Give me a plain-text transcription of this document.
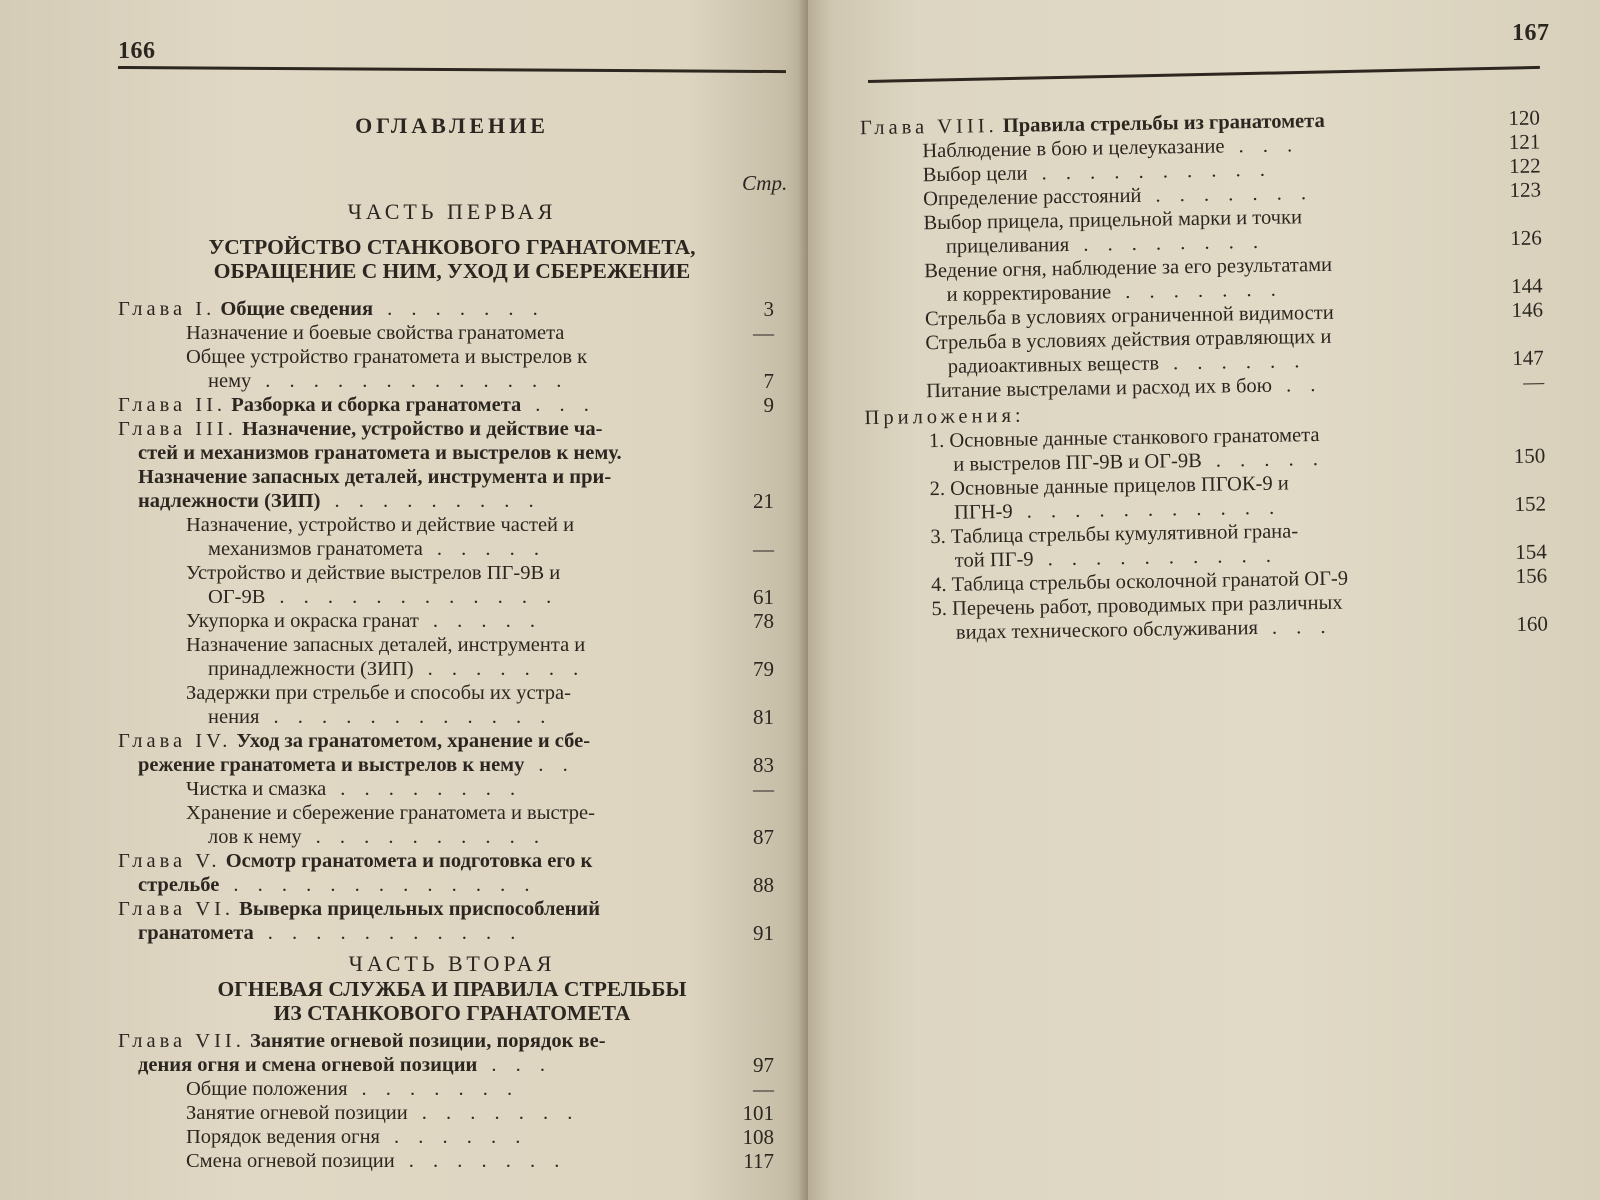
166
ОГЛАВЛЕНИЕ
Стр.
ЧАСТЬ ПЕРВАЯ
УСТРОЙСТВО СТАНКОВОГО ГРАНАТОМЕТА,
ОБРАЩЕНИЕ С НИМ, УХОД И СБЕРЕЖЕНИЕ
Глава I. Общие сведения . . . . . . .	3
Назначение и боевые свойства гранатомета	—
Общее устройство гранатомета и выстрелов к
нему . . . . . . . . . . . . .	7
Глава II. Разборка и сборка гранатомета . . .	9
Глава III. Назначение, устройство и действие ча-
стей и механизмов гранатомета и выстрелов к нему.
Назначение запасных деталей, инструмента и при-
надлежности (ЗИП) . . . . . . . . .	21
Назначение, устройство и действие частей и
механизмов гранатомета . . . . .	—
Устройство и действие выстрелов ПГ-9В и
ОГ-9В . . . . . . . . . . . .	61
Укупорка и окраска гранат . . . . .	78
Назначение запасных деталей, инструмента и
принадлежности (ЗИП) . . . . . . .	79
Задержки при стрельбе и способы их устра-
нения . . . . . . . . . . . .	81
Глава IV. Уход за гранатометом, хранение и сбе-
режение гранатомета и выстрелов к нему . .	83
Чистка и смазка . . . . . . . .	—
Хранение и сбережение гранатомета и выстре-
лов к нему . . . . . . . . . .	87
Глава V. Осмотр гранатомета и подготовка его к
стрельбе . . . . . . . . . . . . .	88
Глава VI. Выверка прицельных приспособлений
гранатомета . . . . . . . . . . .	91
ЧАСТЬ ВТОРАЯ
ОГНЕВАЯ СЛУЖБА И ПРАВИЛА СТРЕЛЬБЫ
ИЗ СТАНКОВОГО ГРАНАТОМЕТА
Глава VII. Занятие огневой позиции, порядок ве-
дения огня и смена огневой позиции . . .	97
Общие положения . . . . . . .	—
Занятие огневой позиции . . . . . . .	101
Порядок ведения огня . . . . . .	108
Смена огневой позиции . . . . . . .	117
167
Глава VIII. Правила стрельбы из гранатомета	120
Наблюдение в бою и целеуказание . . .	121
Выбор цели . . . . . . . . . .	122
Определение расстояний . . . . . . .	123
Выбор прицела, прицельной марки и точки
прицеливания . . . . . . . .	126
Ведение огня, наблюдение за его результатами
и корректирование . . . . . . .	144
Стрельба в условиях ограниченной видимости	146
Стрельба в условиях действия отравляющих и
радиоактивных веществ . . . . . .	147
Питание выстрелами и расход их в бою . .	—
Приложения:
1. Основные данные станкового гранатомета
и выстрелов ПГ-9В и ОГ-9В . . . . .	150
2. Основные данные прицелов ПГОК-9 и
ПГН-9 . . . . . . . . . . .	152
3. Таблица стрельбы кумулятивной грана-
той ПГ-9 . . . . . . . . . .	154
4. Таблица стрельбы осколочной гранатой ОГ-9	156
5. Перечень работ, проводимых при различных
видах технического обслуживания . . .	160
